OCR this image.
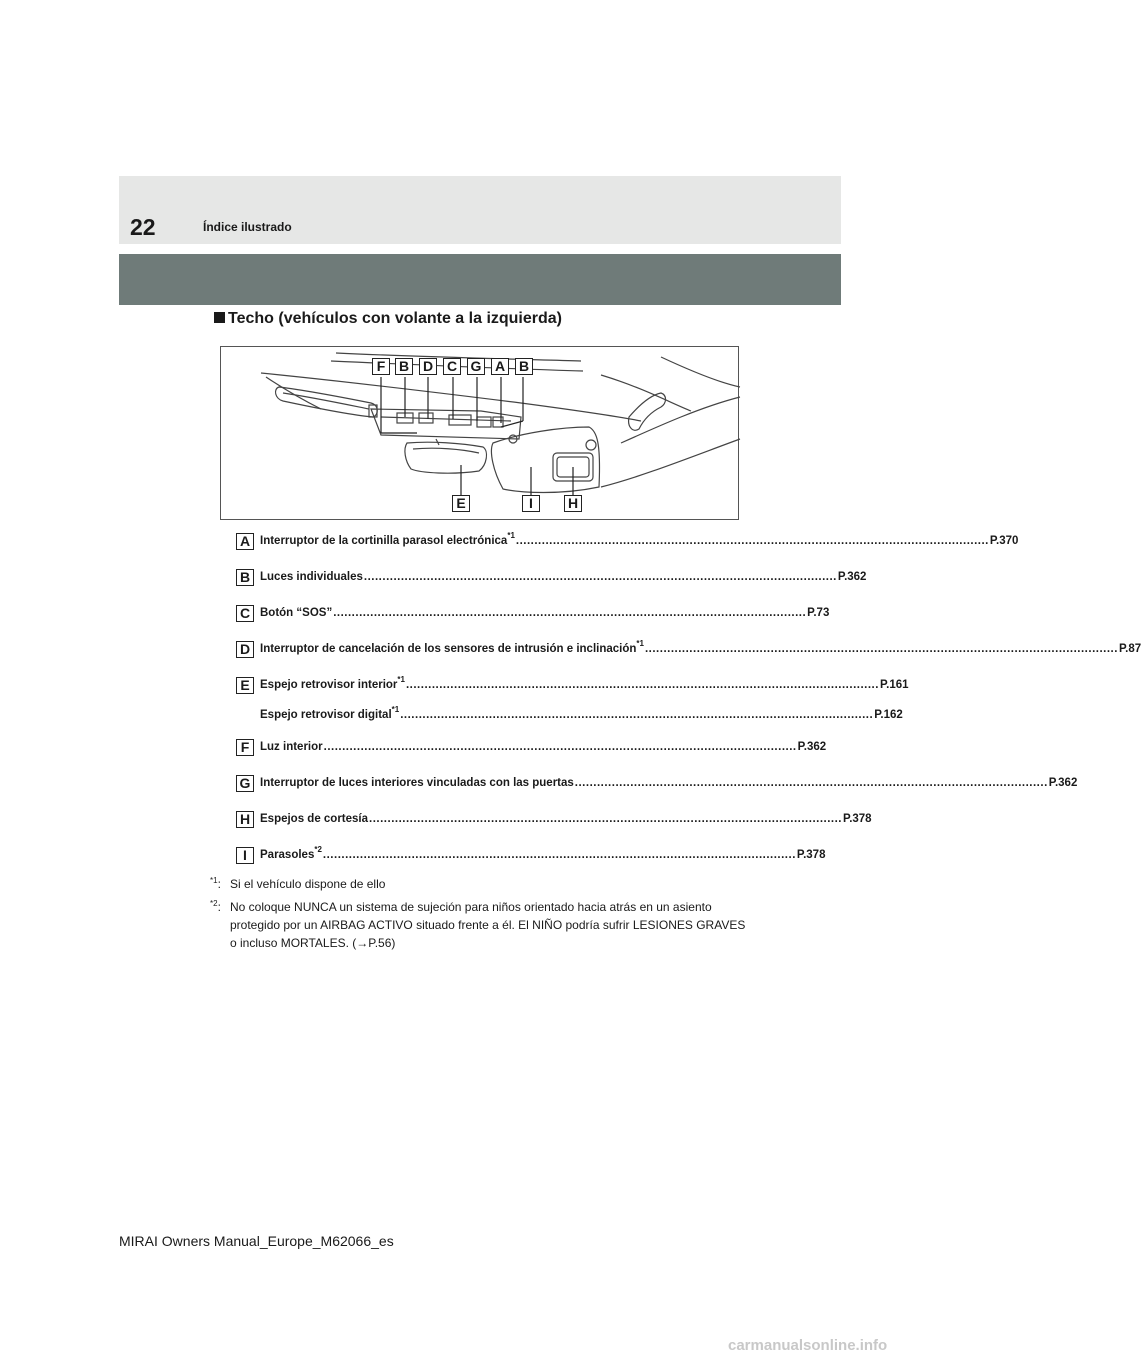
22	Índice ilustrado
Techo (vehículos con volante a la izquierda)
F B D C G A B
E	I	H
A Interruptor de la cortinilla parasol electrónica$^{*1}$ ................................................................................................................................ P.370
B Luces individuales ................................................................................................................................ P.362
C Botón “SOS” ................................................................................................................................ P.73
D Interruptor de cancelación de los sensores de intrusión e inclinación$^{*1}$ ................................................................................................................................ P.87
E Espejo retrovisor interior$^{*1}$ ................................................................................................................................ P.161
Espejo retrovisor digital$^{*1}$ ................................................................................................................................ P.162
F Luz interior ................................................................................................................................ P.362
G Interruptor de luces interiores vinculadas con las puertas ................................................................................................................................ P.362
H Espejos de cortesía ................................................................................................................................ P.378
I	Parasoles$^{*2}$ ................................................................................................................................ P.378
$^{*1}$: Si el vehículo dispone de ello
$^{*2}$: No coloque NUNCA un sistema de sujeción para niños orientado hacia atrás en un asiento protegido por un AIRBAG ACTIVO situado frente a él. El NIÑO podría sufrir LESIONES GRAVES o incluso MORTALES. (→P.56)
MIRAI Owners Manual_Europe_M62066_es
carmanualsonline.info
